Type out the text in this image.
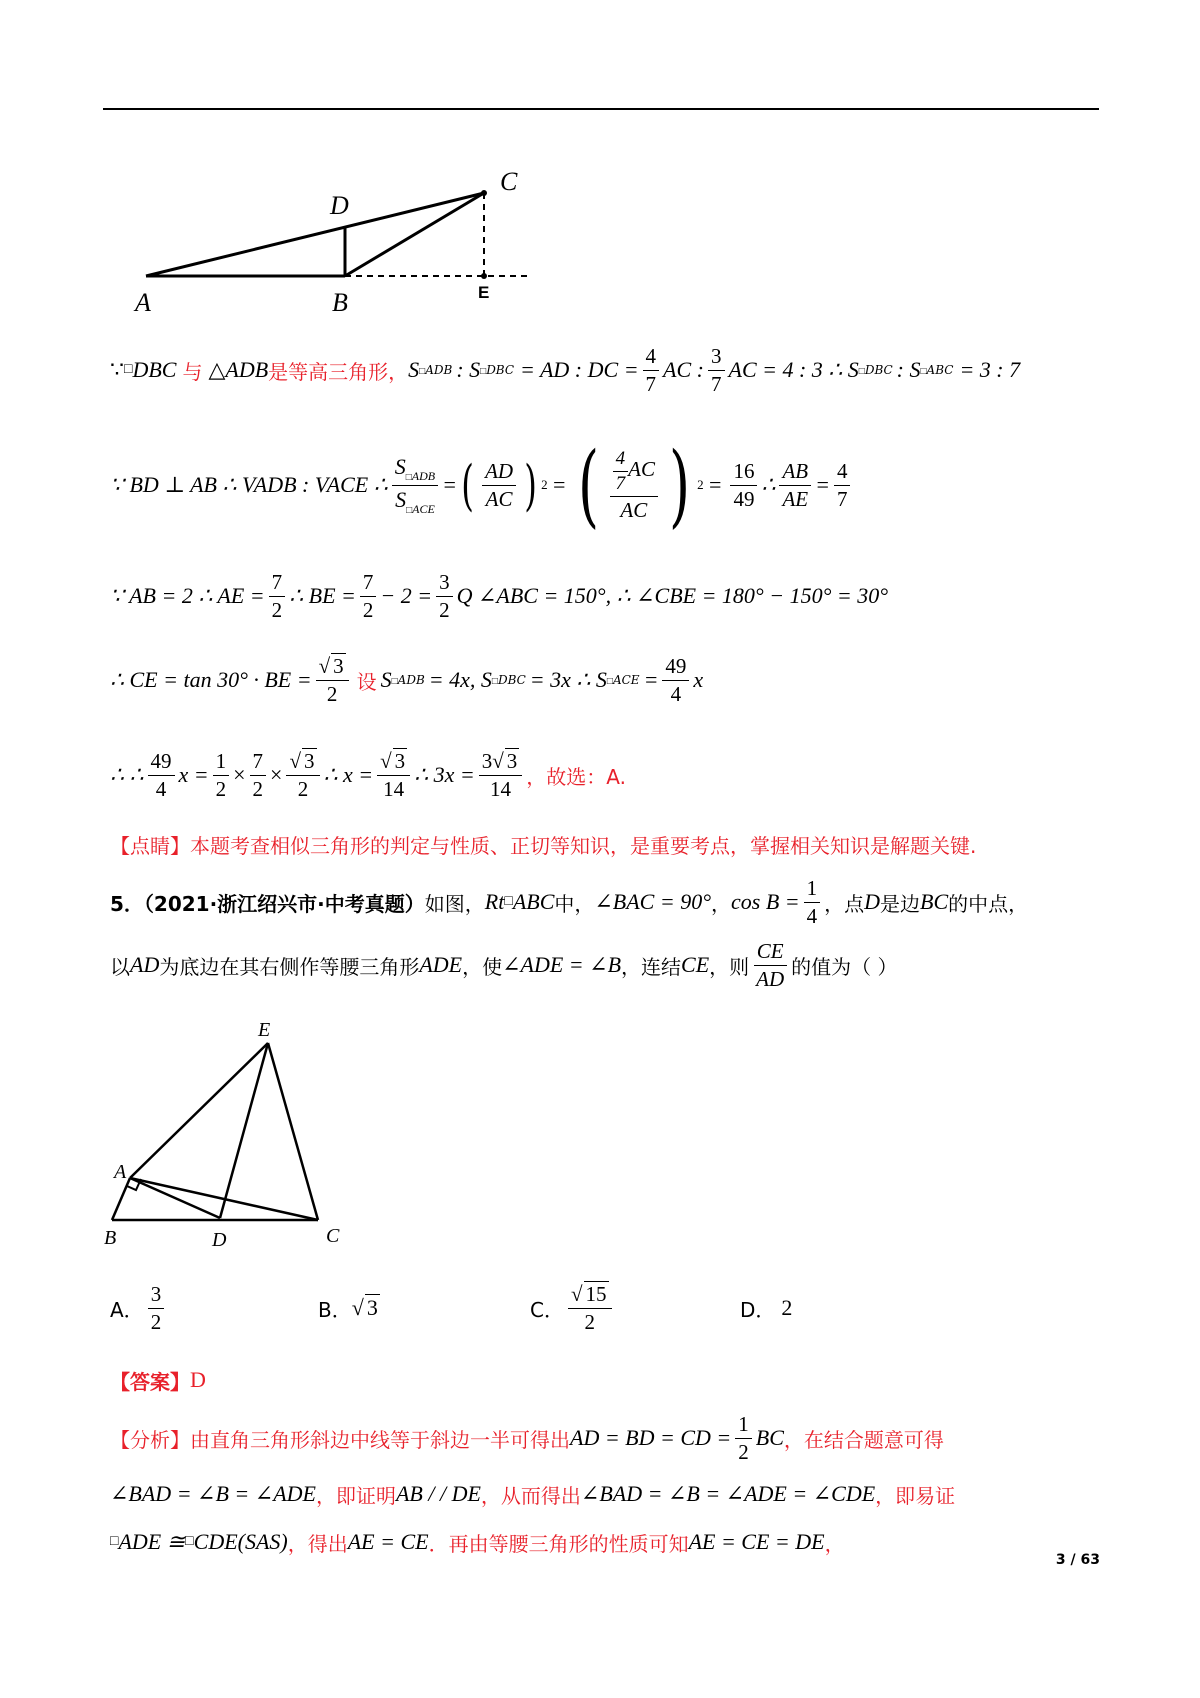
A	B
C
D
E
∵ □ DBC 与 △ ADB 是等高三角形， S □ADB : S □DBC = AD : DC = $\frac{4}{7}$ AC : $\frac{3}{7}$ AC = 4 : 3 ∴ S □DBC : S □ABC = 3 : 7
∵ BD ⊥ AB ∴ VADB : VACE ∴ $\frac{S_{□ADB}}{S_{□ACE}}$ = ( $\frac{AD}{AC}$ ) 2 = ( $\frac{\frac{4}{7} AC}{AC}$ ) $2 = \frac{16}{49}$ ∴ $\frac{AB}{AE} = \frac{4}{7}$
∵ AB = 2 ∴ AE = $\frac{7}{2}$ ∴ BE = $\frac{7}{2} - 2 = \frac{3}{2}$ Q ∠ABC = 150°, ∴ ∠CBE = 180° − 150° = 30°
∴ CE = tan 30° · BE = $\frac{√ 3}{2}$ 设 S □ADB = 4x, S □DBC = 3x ∴ S □ACE = $\frac{49}{4}$ x
∴ ∴ $\frac{49}{4}$ $x = \frac{1}{2} \times \frac{7}{2} \times \frac{√ 3}{2}$ ∴ $x = \frac{√ 3}{14}$ ∴ $3x = \frac{3√ 3}{14}$ ，故选：A.
【点睛】本题考查相似三角形的判定与性质、正切等知识，是重要考点，掌握相关知识是解题关键.
5．（2021·浙江绍兴市·中考真题） 如图， Rt □ ABC 中， ∠BAC = 90° ， $\cos B = \frac{1}{4}$ ，点 D 是边 BC 的中点，
以 AD 为底边在其右侧作等腰三角形 ADE ，使 ∠ADE = ∠B ，连结 CE ，则 $\frac{CE}{AD}$ 的值为（ ）
E
A
B	D	C
A． $\frac{3}{2}$	B． √ 3	C． $\frac{√ 15}{2}$	D． 2
【答案】 D
【分析】 由直角三角形斜边中线等于斜边一半可得出 AD = BD = CD = $\frac{1}{2}$ BC ，在结合题意可得
∠BAD = ∠B = ∠ADE ，即证明 AB / / DE ，从而得出 ∠BAD = ∠B = ∠ADE = ∠CDE ，即易证
□ ADE ≅ □ CDE(SAS) ，得出 AE = CE ．再由等腰三角形的性质可知 AE = CE = DE ，
3 / 63
